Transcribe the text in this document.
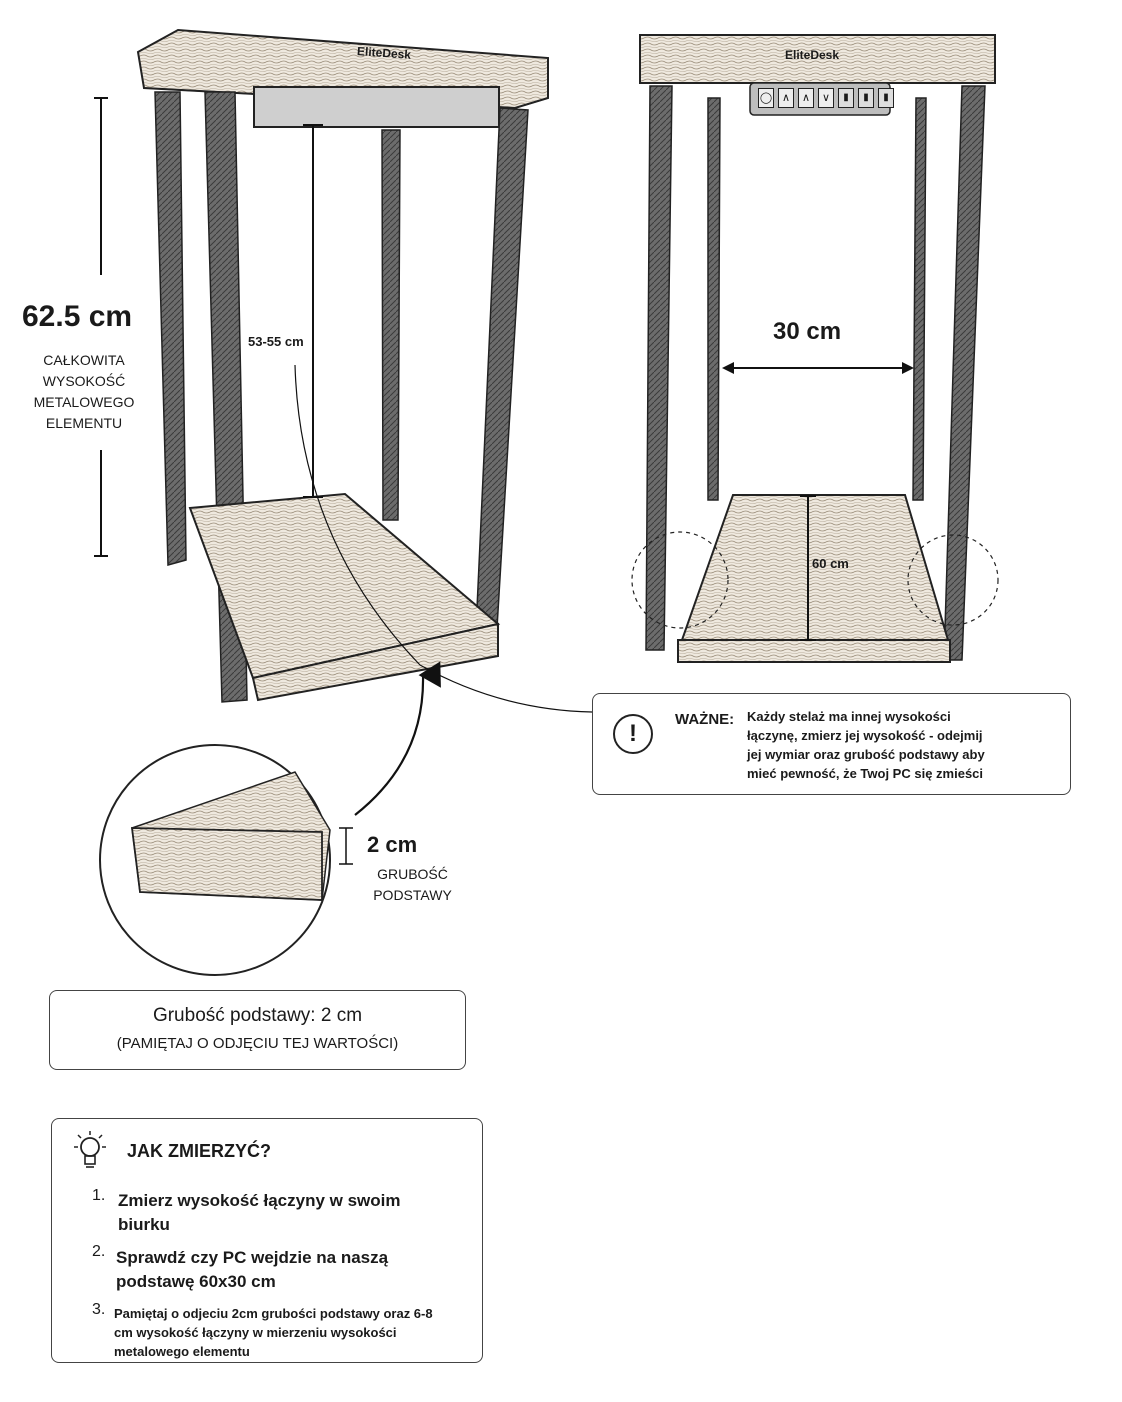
EliteDesk	EliteDesk
◯ ∧	∧	∨	▮	▮	▮
62.5 cm
CAŁKOWITA
WYSOKOŚĆ
METALOWEGO
ELEMENTU
53-55 cm	30 cm
60 cm
2 cm
GRUBOŚĆ
PODSTAWY
!
WAŻNE: Każdy stelaż ma innej wysokości
łączynę, zmierz jej wysokość - odejmij
jej wymiar oraz grubość podstawy aby
mieć pewność, że Twoj PC się zmieści
Grubość podstawy: 2 cm
(PAMIĘTAJ O ODJĘCIU TEJ WARTOŚCI)
JAK ZMIERZYĆ?
1. Zmierz wysokość łączyny w swoim
biurku
2. Sprawdź czy PC wejdzie na naszą
podstawę 60x30 cm
3. Pamiętaj o odjeciu 2cm grubości podstawy oraz 6-8
cm wysokość łączyny w mierzeniu wysokości
metalowego elementu
